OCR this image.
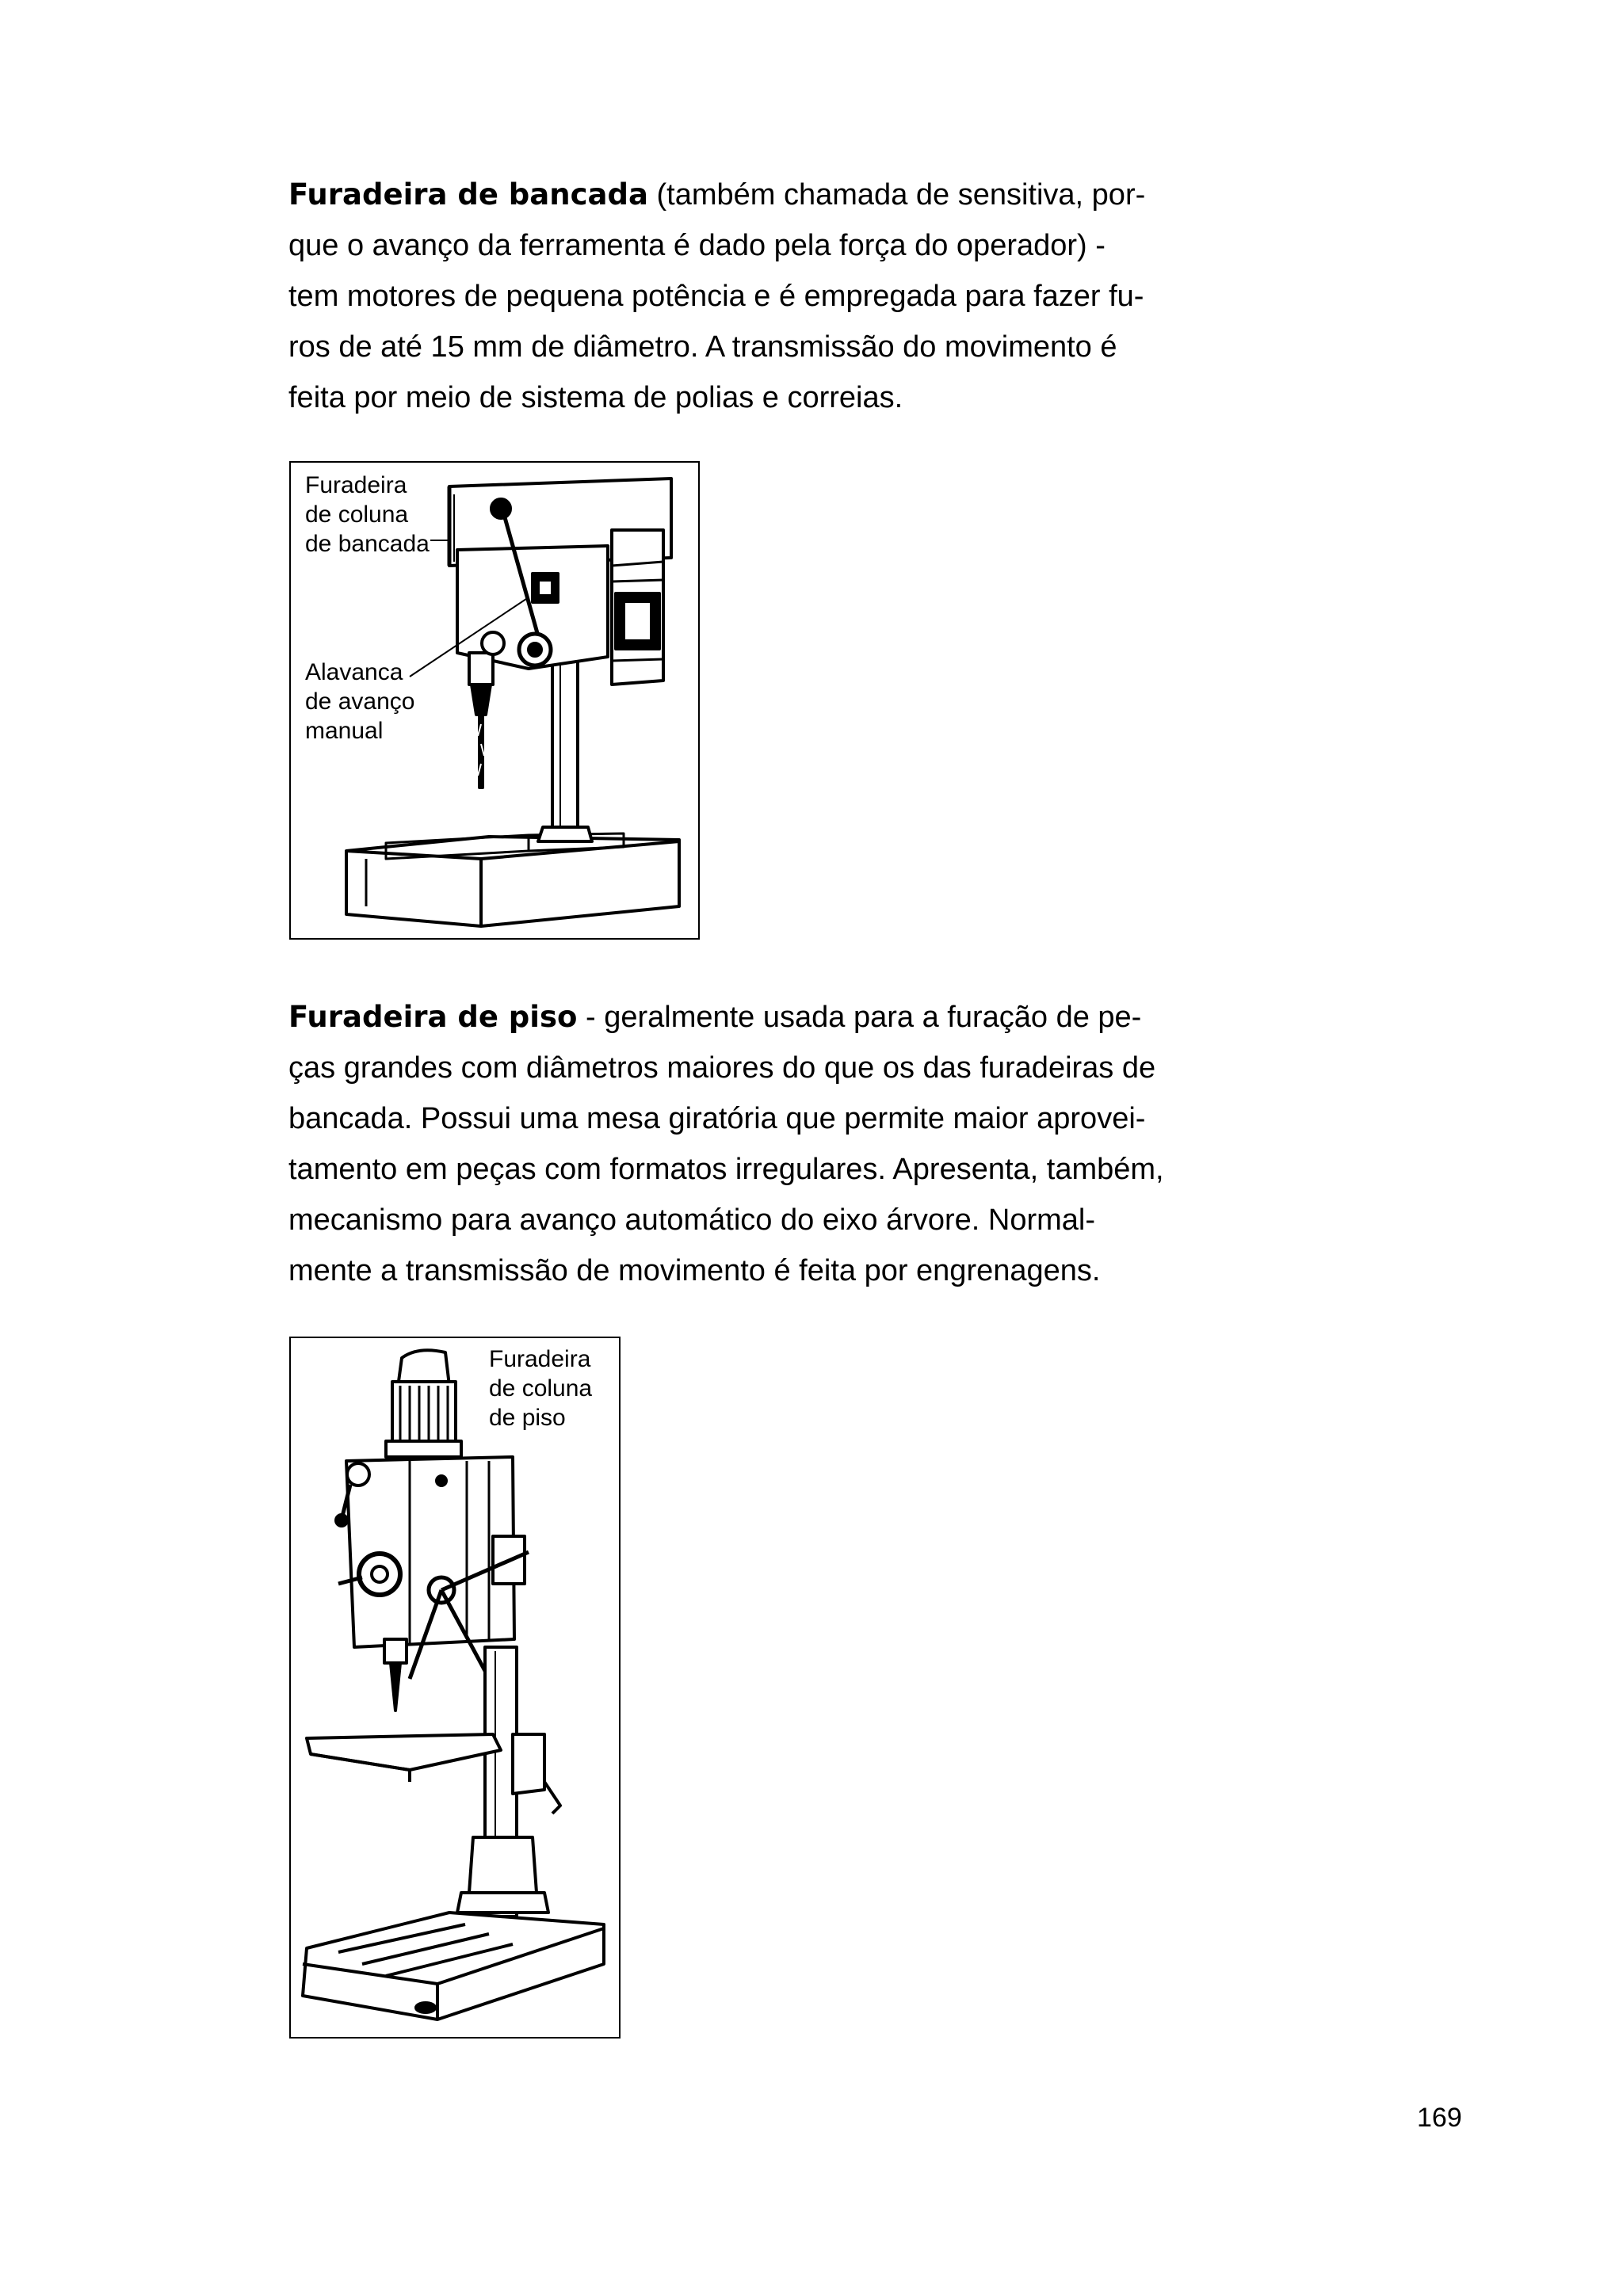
Furadeira de bancada (também chamada de sensitiva, por-
que o avanço da ferramenta é dado pela força do operador) -
tem motores de pequena potência e é empregada para fazer fu-
ros de até 15 mm de diâmetro. A transmissão do movimento é
feita por meio de sistema de polias e correias.

Furadeira
de coluna
de bancada
Alavanca
de avanço
manual

Furadeira de piso - geralmente usada para a furação de pe-
ças grandes com diâmetros maiores do que os das furadeiras de
bancada. Possui uma mesa giratória que permite maior aprovei-
tamento em peças com formatos irregulares. Apresenta, também,
mecanismo para avanço automático do eixo árvore. Normal-
mente a transmissão de movimento é feita por engrenagens.

Furadeira
de coluna
de piso
169
